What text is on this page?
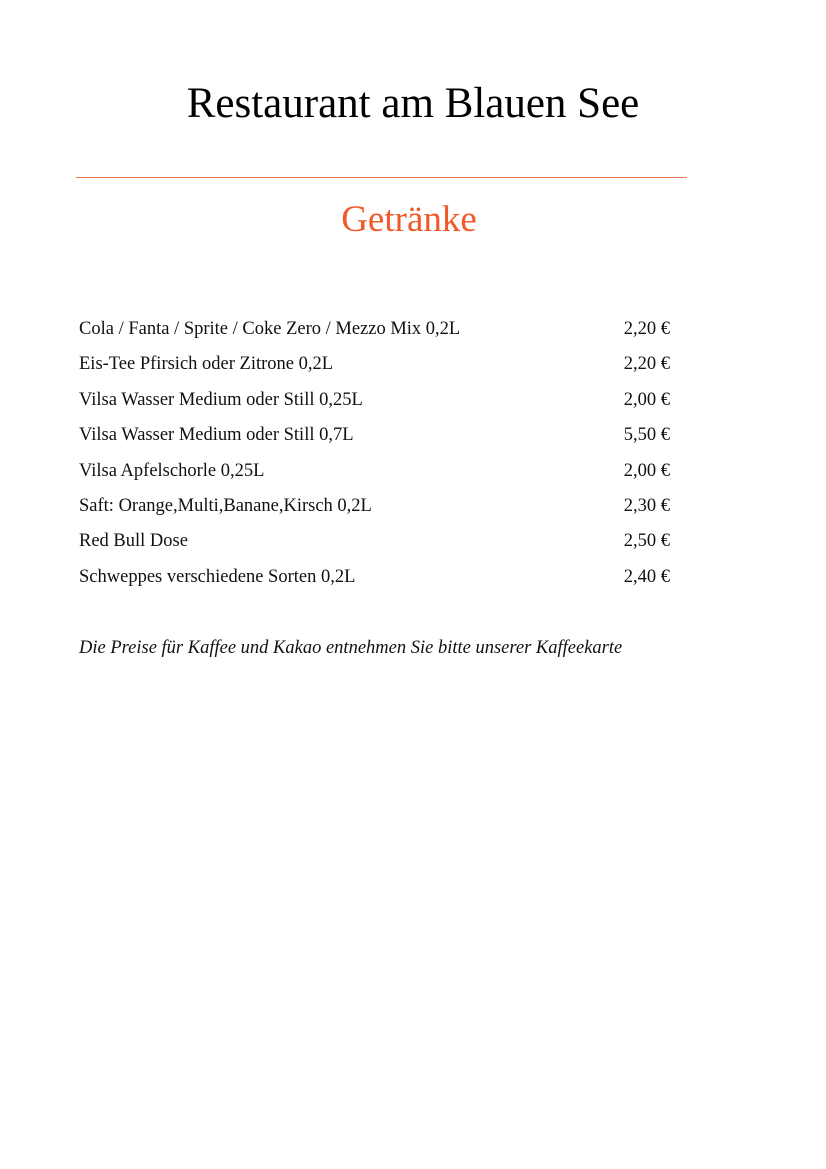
Restaurant am Blauen See
Getränke
Cola / Fanta / Sprite / Coke Zero / Mezzo Mix 0,2L	2,20 €
Eis-Tee Pfirsich oder Zitrone 0,2L	2,20 €
Vilsa Wasser Medium oder Still 0,25L	2,00 €
Vilsa Wasser Medium oder Still 0,7L	5,50 €
Vilsa Apfelschorle 0,25L	2,00 €
Saft: Orange,Multi,Banane,Kirsch 0,2L	2,30 €
Red Bull Dose	2,50 €
Schweppes verschiedene Sorten 0,2L	2,40 €
Die Preise für Kaffee und Kakao entnehmen Sie bitte unserer Kaffeekarte
